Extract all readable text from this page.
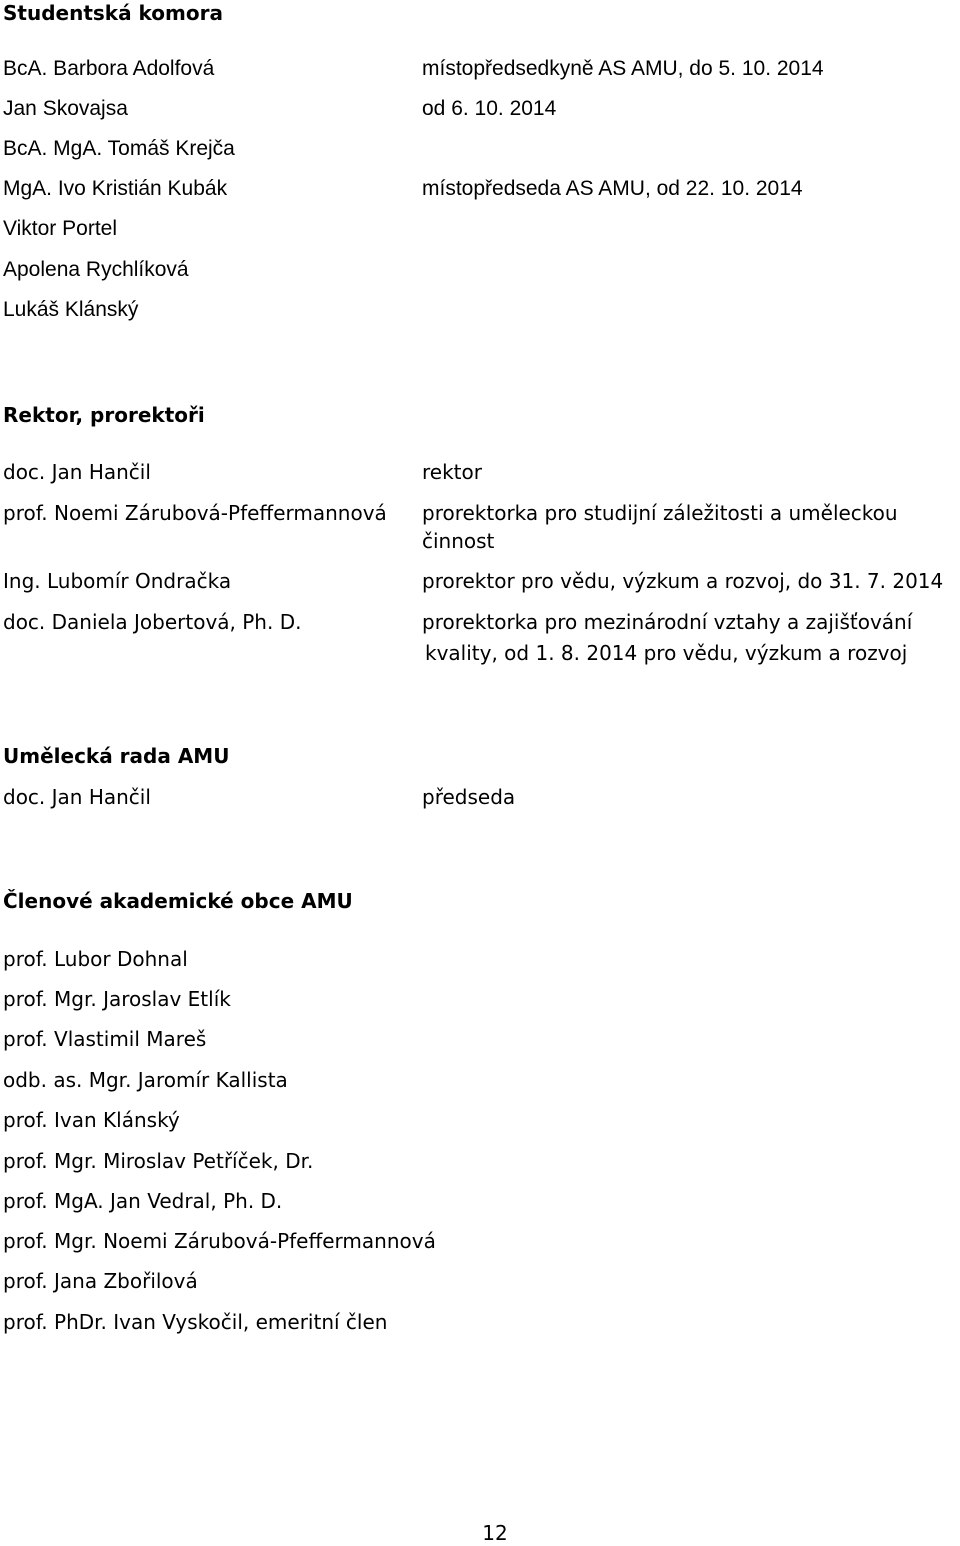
Studentská komora
BcA. Barbora Adolfová	místopředsedkyně AS AMU, do 5. 10. 2014
Jan Skovajsa	od 6. 10. 2014
BcA. MgA. Tomáš Krejča
MgA. Ivo Kristián Kubák	místopředseda AS AMU, od 22. 10. 2014
Viktor Portel
Apolena Rychlíková
Lukáš Klánský
Rektor, prorektoři
doc. Jan Hančil	rektor
prof. Noemi Zárubová-Pfeffermannová prorektorka pro studijní záležitosti a uměleckou
činnost
Ing. Lubomír Ondračka	prorektor pro vědu, výzkum a rozvoj, do 31. 7. 2014
doc. Daniela Jobertová, Ph. D.	prorektorka pro mezinárodní vztahy a zajišťování
kvality, od 1. 8. 2014 pro vědu, výzkum a rozvoj
Umělecká rada AMU
doc. Jan Hančil	předseda
Členové akademické obce AMU
prof. Lubor Dohnal
prof. Mgr. Jaroslav Etlík
prof. Vlastimil Mareš
odb. as. Mgr. Jaromír Kallista
prof. Ivan Klánský
prof. Mgr. Miroslav Petříček, Dr.
prof. MgA. Jan Vedral, Ph. D.
prof. Mgr. Noemi Zárubová-Pfeffermannová
prof. Jana Zbořilová
prof. PhDr. Ivan Vyskočil, emeritní člen
12
